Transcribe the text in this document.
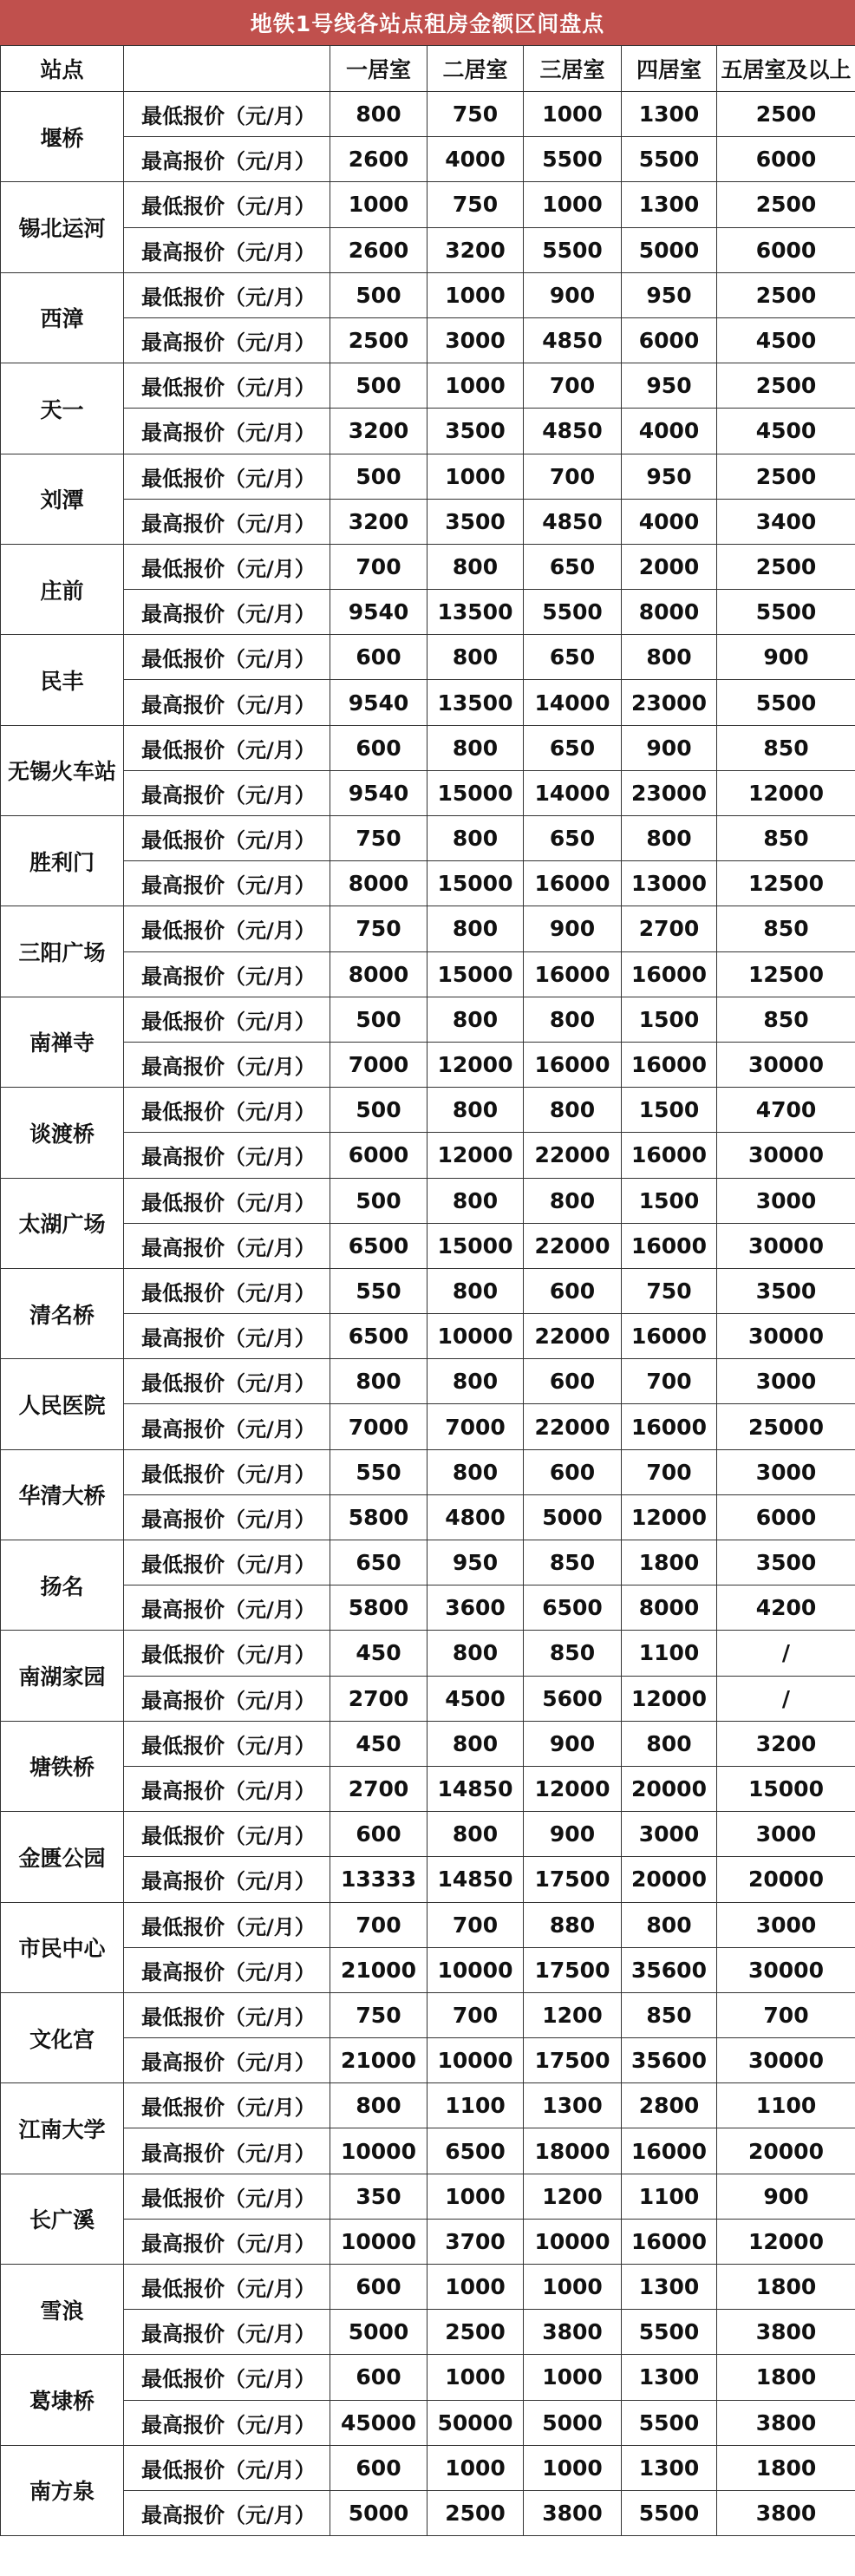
地铁1号线各站点租房金额区间盘点
站点		一居室	二居室	三居室	四居室	五居室及以上
堰桥	最低报价（元/月）	800	750	1000	1300	2500
	最高报价（元/月）	2600	4000	5500	5500	6000
锡北运河	最低报价（元/月）	1000	750	1000	1300	2500
	最高报价（元/月）	2600	3200	5500	5000	6000
西漳	最低报价（元/月）	500	1000	900	950	2500
	最高报价（元/月）	2500	3000	4850	6000	4500
天一	最低报价（元/月）	500	1000	700	950	2500
	最高报价（元/月）	3200	3500	4850	4000	4500
刘潭	最低报价（元/月）	500	1000	700	950	2500
	最高报价（元/月）	3200	3500	4850	4000	3400
庄前	最低报价（元/月）	700	800	650	2000	2500
	最高报价（元/月）	9540	13500	5500	8000	5500
民丰	最低报价（元/月）	600	800	650	800	900
	最高报价（元/月）	9540	13500	14000	23000	5500
无锡火车站	最低报价（元/月）	600	800	650	900	850
	最高报价（元/月）	9540	15000	14000	23000	12000
胜利门	最低报价（元/月）	750	800	650	800	850
	最高报价（元/月）	8000	15000	16000	13000	12500
三阳广场	最低报价（元/月）	750	800	900	2700	850
	最高报价（元/月）	8000	15000	16000	16000	12500
南禅寺	最低报价（元/月）	500	800	800	1500	850
	最高报价（元/月）	7000	12000	16000	16000	30000
谈渡桥	最低报价（元/月）	500	800	800	1500	4700
	最高报价（元/月）	6000	12000	22000	16000	30000
太湖广场	最低报价（元/月）	500	800	800	1500	3000
	最高报价（元/月）	6500	15000	22000	16000	30000
清名桥	最低报价（元/月）	550	800	600	750	3500
	最高报价（元/月）	6500	10000	22000	16000	30000
人民医院	最低报价（元/月）	800	800	600	700	3000
	最高报价（元/月）	7000	7000	22000	16000	25000
华清大桥	最低报价（元/月）	550	800	600	700	3000
	最高报价（元/月）	5800	4800	5000	12000	6000
扬名	最低报价（元/月）	650	950	850	1800	3500
	最高报价（元/月）	5800	3600	6500	8000	4200
南湖家园	最低报价（元/月）	450	800	850	1100	/
	最高报价（元/月）	2700	4500	5600	12000	/
塘铁桥	最低报价（元/月）	450	800	900	800	3200
	最高报价（元/月）	2700	14850	12000	20000	15000
金匮公园	最低报价（元/月）	600	800	900	3000	3000
	最高报价（元/月）	13333	14850	17500	20000	20000
市民中心	最低报价（元/月）	700	700	880	800	3000
	最高报价（元/月）	21000	10000	17500	35600	30000
文化宫	最低报价（元/月）	750	700	1200	850	700
	最高报价（元/月）	21000	10000	17500	35600	30000
江南大学	最低报价（元/月）	800	1100	1300	2800	1100
	最高报价（元/月）	10000	6500	18000	16000	20000
长广溪	最低报价（元/月）	350	1000	1200	1100	900
	最高报价（元/月）	10000	3700	10000	16000	12000
雪浪	最低报价（元/月）	600	1000	1000	1300	1800
	最高报价（元/月）	5000	2500	3800	5500	3800
葛埭桥	最低报价（元/月）	600	1000	1000	1300	1800
	最高报价（元/月）	45000	50000	5000	5500	3800
南方泉	最低报价（元/月）	600	1000	1000	1300	1800
	最高报价（元/月）	5000	2500	3800	5500	3800
